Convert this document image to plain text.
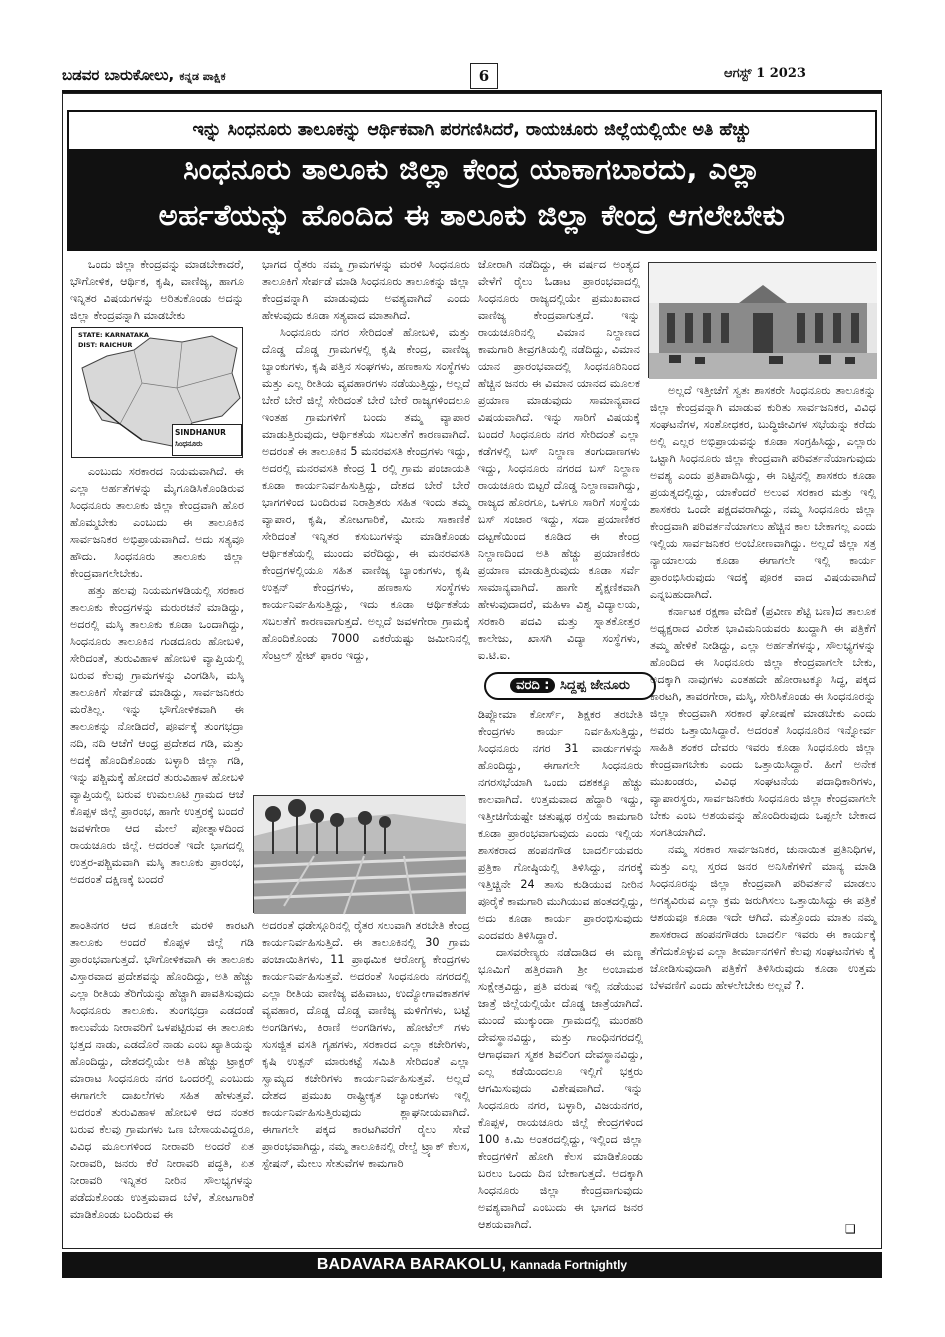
ಬಡವರ ಬಾರುಕೋಲು, ಕನ್ನಡ ಪಾಕ್ಷಿಕ	6	ಆಗಸ್ಟ್ 1 2023
ಇನ್ನು ಸಿಂಧನೂರು ತಾಲೂಕನ್ನು ಆರ್ಥಿಕವಾಗಿ ಪರಗಣಿಸಿದರೆ, ರಾಯಚೂರು ಜಿಲ್ಲೆಯಲ್ಲಿಯೇ ಅತಿ ಹೆಚ್ಚು
ಸಿಂಧನೂರು ತಾಲೂಕು ಜಿಲ್ಲಾ ಕೇಂದ್ರ ಯಾಕಾಗಬಾರದು, ಎಲ್ಲಾ
ಅರ್ಹತೆಯನ್ನು ಹೊಂದಿದ ಈ ತಾಲೂಕು ಜಿಲ್ಲಾ ಕೇಂದ್ರ ಆಗಲೇಬೇಕು

ಒಂದು ಜಿಲ್ಲಾ ಕೇಂದ್ರವನ್ನು ಮಾಡಬೇಕಾದರೆ, ಭೌಗೋಳಿಕ, ಆರ್ಥಿಕ, ಕೃಷಿ, ವಾಣಿಜ್ಯ, ಹಾಗೂ ಇನ್ನಿತರ ವಿಷಯಗಳನ್ನು ಅರಿತುಕೊಂಡು ಅದನ್ನು ಜಿಲ್ಲಾ ಕೇಂದ್ರವನ್ನಾಗಿ ಮಾಡಬೇಕು

STATE: KARNATAKA
DIST: RAICHUR
SINDHANUR
ಸಿಂಧನೂರು

ಎಂಬುದು ಸರಕಾರದ ನಿಯಮವಾಗಿದೆ. ಈ ಎಲ್ಲಾ ಅರ್ಹತೆಗಳನ್ನು ಮೈಗೂಡಿಸಿಕೊಂಡಿರುವ ಸಿಂಧನೂರು ತಾಲೂಕು ಜಿಲ್ಲಾ ಕೇಂದ್ರವಾಗಿ ಹೊರ ಹೊಮ್ಮಬೇಕು ಎಂಬುದು ಈ ತಾಲೂಕಿನ ಸಾರ್ವಜನಿಕರ ಅಭಿಪ್ರಾಯವಾಗಿದೆ. ಅದು ಸತ್ಯವೂ ಹೌದು. ಸಿಂಧನೂರು ತಾಲೂಕು ಜಿಲ್ಲಾ ಕೇಂದ್ರವಾಗಲೇಬೇಕು.

ಹತ್ತು ಹಲವು ನಿಯಮಗಳಡಿಯಲ್ಲಿ ಸರಕಾರ ತಾಲೂಕು ಕೇಂದ್ರಗಳನ್ನು ಮರುರಚನೆ ಮಾಡಿದ್ದು, ಅದರಲ್ಲಿ ಮಸ್ಕಿ ತಾಲೂಕು ಕೂಡಾ ಒಂದಾಗಿದ್ದು, ಸಿಂಧನೂರು ತಾಲೂಕಿನ ಗುಡದೂರು ಹೋಬಳಿ, ಸೇರಿದಂತೆ, ತುರುವಿಹಾಳ ಹೋಬಳಿ ವ್ಯಾಪ್ತಿಯಲ್ಲಿ ಬರುವ ಕೆಲವು ಗ್ರಾಮಗಳನ್ನು ವಿಂಗಡಿಸಿ, ಮಸ್ಕಿ ತಾಲೂಕಿಗೆ ಸೇರ್ಪಡೆ ಮಾಡಿದ್ದು, ಸಾರ್ವಜನಿಕರು ಮರೆತಿಲ್ಲ. ಇನ್ನು ಭೌಗೋಳಿಕವಾಗಿ ಈ ತಾಲೂಕನ್ನು ನೋಡಿದರೆ, ಪೂರ್ವಕ್ಕೆ ತುಂಗಭದ್ರಾ ನದಿ, ನದಿ ಆಚೆಗೆ ಆಂಧ್ರ ಪ್ರದೇಶದ ಗಡಿ, ಮತ್ತು ಅದಕ್ಕೆ ಹೊಂದಿಕೊಂಡು ಬಳ್ಳಾರಿ ಜಿಲ್ಲಾ ಗಡಿ, ಇನ್ನು ಪಶ್ಚಿಮಕ್ಕೆ ಹೋದರೆ ತುರುವಿಹಾಳ ಹೋಬಳಿ ವ್ಯಾಪ್ತಿಯಲ್ಲಿ ಬರುವ ಉಮಲೂಟಿ ಗ್ರಾಮದ ಆಚೆ ಕೊಪ್ಪಳ ಜಿಲ್ಲೆ ಪ್ರಾರಂಭ, ಹಾಗೇ ಉತ್ತರಕ್ಕೆ ಬಂದರೆ ಜವಳಗೇರಾ ಆದ ಮೇಲೆ ಪೋತ್ನಾಳದಿಂದ ರಾಯಚೂರು ಜಿಲ್ಲೆ. ಅದರಂತೆ ಇದೇ ಭಾಗದಲ್ಲಿ ಉತ್ತರ-ಪಶ್ಚಿಮವಾಗಿ ಮಸ್ಕಿ ತಾಲೂಕು ಪ್ರಾರಂಭ, ಅದರಂತೆ ದಕ್ಷಿಣಕ್ಕೆ ಬಂದರೆ

ಶಾಂತಿನಗರ ಆದ ಕೂಡಲೇ ಮರಳಿ ಕಾರಟಗಿ ತಾಲೂಕು ಅಂದರೆ ಕೊಪ್ಪಳ ಜಿಲ್ಲೆ ಗಡಿ ಪ್ರಾರಂಭವಾಗುತ್ತದೆ. ಭೌಗೋಳಿಕವಾಗಿ ಈ ತಾಲೂಕು ವಿಸ್ತಾರವಾದ ಪ್ರದೇಶವನ್ನು ಹೊಂದಿದ್ದು, ಅತಿ ಹೆಚ್ಚು ಎಲ್ಲಾ ರೀತಿಯ ತೆರಿಗೆಯನ್ನು ಹೆಚ್ಚಾಗಿ ಪಾವತಿಸುವುದು ಸಿಂಧನೂರು ತಾಲೂಕು. ತುಂಗಭದ್ರಾ ಎಡದಂಡೆ ಕಾಲುವೆಯ ನೀರಾವರಿಗೆ ಒಳಪಟ್ಟಿರುವ ಈ ತಾಲೂಕು ಭತ್ತದ ನಾಡು, ಎಡದೊರೆ ನಾಡು ಎಂಬ ಖ್ಯಾತಿಯನ್ನು ಹೊಂದಿದ್ದು, ದೇಶದಲ್ಲಿಯೇ ಅತಿ ಹೆಚ್ಚು ಟ್ರಾಕ್ಟರ್ ಮಾರಾಟ ಸಿಂಧನೂರು ನಗರ ಒಂದರಲ್ಲಿ ಎಂಬುದು ಈಗಾಗಲೇ ದಾಖಲೆಗಳು ಸಹಿತ ಹೇಳುತ್ತವೆ. ಅದರಂತೆ ತುರುವಿಹಾಳ ಹೋಬಳಿ ಆದ ನಂತರ ಬರುವ ಕೆಲವು ಗ್ರಾಮಗಳು ಒಣ ಬೇಸಾಯವಿದ್ದರೂ, ವಿವಿಧ ಮೂಲಗಳಿಂದ ನೀರಾವರಿ ಅಂದರೆ ಏತ ನೀರಾವರಿ, ಜನರು ಕೆರೆ ನೀರಾವರಿ ಪದ್ಧತಿ, ಏತ ನೀರಾವರಿ ಇನ್ನಿತರ ನೀರಿನ ಸೌಲಭ್ಯಗಳನ್ನು ಪಡೆದುಕೊಂಡು ಉತ್ತಮವಾದ ಬೆಳೆ, ತೋಟಗಾರಿಕೆ ಮಾಡಿಕೊಂಡು ಬಂದಿರುವ ಈ

ಭಾಗದ ರೈತರು ನಮ್ಮ ಗ್ರಾಮಗಳನ್ನು ಮರಳಿ ಸಿಂಧನೂರು ತಾಲೂಕಿಗೆ ಸೇರ್ಪಡೆ ಮಾಡಿ ಸಿಂಧನೂರು ತಾಲೂಕನ್ನು ಜಿಲ್ಲಾ ಕೇಂದ್ರವನ್ನಾಗಿ ಮಾಡುವುದು ಅವಶ್ಯವಾಗಿದೆ ಎಂದು ಹೇಳುವುದು ಕೂಡಾ ಸತ್ಯವಾದ ಮಾತಾಗಿದೆ.

ಸಿಂಧನೂರು ನಗರ ಸೇರಿದಂತೆ ಹೋಬಳಿ, ಮತ್ತು ದೊಡ್ಡ ದೊಡ್ಡ ಗ್ರಾಮಗಳಲ್ಲಿ ಕೃಷಿ ಕೇಂದ್ರ, ವಾಣಿಜ್ಯ ಬ್ಯಾಂಕುಗಳು, ಕೃಷಿ ಪತ್ತಿನ ಸಂಘಗಳು, ಹಣಕಾಸು ಸಂಸ್ಥೆಗಳು ಮತ್ತು ಎಲ್ಲ ರೀತಿಯ ವ್ಯವಹಾರಗಳು ನಡೆಯುತ್ತಿದ್ದು, ಅಲ್ಲದೆ ಬೇರೆ ಬೇರೆ ಜಿಲ್ಲೆ ಸೇರಿದಂತೆ ಬೇರೆ ಬೇರೆ ರಾಜ್ಯಗಳಿಂದಲೂ ಇಂತಹ ಗ್ರಾಮಗಳಿಗೆ ಬಂದು ತಮ್ಮ ವ್ಯಾಪಾರ ಮಾಡುತ್ತಿರುವುದು, ಆರ್ಥಿಕತೆಯ ಸಬಲತೆಗೆ ಕಾರಣವಾಗಿದೆ. ಅದರಂತೆ ಈ ತಾಲೂಕಿನ 5 ಮನರವಸತಿ ಕೇಂದ್ರಗಳು ಇದ್ದು, ಅದರಲ್ಲಿ ಮನರವಸತಿ ಕೇಂದ್ರ 1 ರಲ್ಲಿ ಗ್ರಾಮ ಪಂಚಾಯತಿ ಕೂಡಾ ಕಾರ್ಯನಿರ್ವಹಿಸುತ್ತಿದ್ದು, ದೇಶದ ಬೇರೆ ಬೇರೆ ಭಾಗಗಳಿಂದ ಬಂದಿರುವ ನಿರಾಶ್ರಿತರು ಸಹಿತ ಇಂದು ತಮ್ಮ ವ್ಯಾಪಾರ, ಕೃಷಿ, ತೋಟಗಾರಿಕೆ, ಮೀನು ಸಾಕಾಣಿಕೆ ಸೇರಿದಂತೆ ಇನ್ನಿತರ ಕಸುಬುಗಳನ್ನು ಮಾಡಿಕೊಂಡು ಆರ್ಥಿಕತೆಯಲ್ಲಿ ಮುಂದು ವರೆದಿದ್ದು, ಈ ಮನರವಸತಿ ಕೇಂದ್ರಗಳಲ್ಲಿಯೂ ಸಹಿತ ವಾಣಿಜ್ಯ ಬ್ಯಾಂಕುಗಳು, ಕೃಷಿ ಉತ್ಪನ್ ಕೇಂದ್ರಗಳು, ಹಣಕಾಸು ಸಂಸ್ಥೆಗಳು ಕಾರ್ಯನಿರ್ವಹಿಸುತ್ತಿದ್ದು, ಇದು ಕೂಡಾ ಆರ್ಥಿಕತೆಯ ಸಬಲತೆಗೆ ಕಾರಣವಾಗುತ್ತದೆ. ಅಲ್ಲದೆ ಜವಳಗೇರಾ ಗ್ರಾಮಕ್ಕೆ ಹೊಂದಿಕೊಂಡು 7000 ಎಕರೆಯಷ್ಟು ಜಮೀನಿನಲ್ಲಿ ಸೆಂಟ್ರಲ್ ಸ್ಟೇಟ್ ಫಾರಂ ಇದ್ದು,

ಅದರಂತೆ ಧಡೇಸ್ಗೂರಿನಲ್ಲಿ ರೈತರ ಸಲುವಾಗಿ ತರಬೇತಿ ಕೇಂದ್ರ ಕಾರ್ಯನಿರ್ವಹಿಸುತ್ತಿದೆ. ಈ ತಾಲೂಕಿನಲ್ಲಿ 30 ಗ್ರಾಮ ಪಂಚಾಯಿತಿಗಳು, 11 ಪ್ರಾಥಮಿಕ ಆರೋಗ್ಯ ಕೇಂದ್ರಗಳು ಕಾರ್ಯನಿರ್ವಹಿಸುತ್ತವೆ. ಅದರಂತೆ ಸಿಂಧನೂರು ನಗರದಲ್ಲಿ ಎಲ್ಲಾ ರೀತಿಯ ವಾಣಿಜ್ಯ ವಹಿವಾಟು, ಉದ್ಯೋಗಾವಕಾಶಗಳ ವ್ಯವಹಾರ, ದೊಡ್ಡ ದೊಡ್ಡ ವಾಣಿಜ್ಯ ಮಳಿಗೆಗಳು, ಬಟ್ಟೆ ಅಂಗಡಿಗಳು, ಕಿರಾಣಿ ಅಂಗಡಿಗಳು, ಹೋಟೆಲ್ ಗಳು ಸುಸಜ್ಜಿತ ವಸತಿ ಗೃಹಗಳು, ಸರಕಾರದ ಎಲ್ಲಾ ಕಚೇರಿಗಳು, ಕೃಷಿ ಉತ್ಪನ್ ಮಾರುಕಟ್ಟೆ ಸಮಿತಿ ಸೇರಿದಂತೆ ಎಲ್ಲಾ ಸ್ವಾಮ್ಯದ ಕಚೇರಿಗಳು ಕಾರ್ಯನಿರ್ವಹಿಸುತ್ತವೆ. ಅಲ್ಲದೆ ದೇಶದ ಪ್ರಮುಖ ರಾಷ್ಟ್ರೀಕೃತ ಬ್ಯಾಂಕುಗಳು ಇಲ್ಲಿ ಕಾರ್ಯನಿರ್ವಹಿಸುತ್ತಿರುವುದು ಶ್ಲಾಘನೀಯವಾಗಿದೆ. ಈಗಾಗಲೇ ಪಕ್ಕದ ಕಾರಟಗಿವರೆಗೆ ರೈಲು ಸೇವೆ ಪ್ರಾರಂಭವಾಗಿದ್ದು, ನಮ್ಮ ತಾಲೂಕಿನಲ್ಲಿ ರೇಲ್ವೆ ಟ್ರ್ಯಾಕ್ ಕೆಲಸ, ಸ್ಟೇಷನ್, ಮೇಲು ಸೇತುವೆಗಳ ಕಾಮಗಾರಿ

ಜೋರಾಗಿ ನಡೆದಿದ್ದು, ಈ ವರ್ಷದ ಅಂತ್ಯದ ವೇಳೆಗೆ ರೈಲು ಓಡಾಟ ಪ್ರಾರಂಭವಾದಲ್ಲಿ ಸಿಂಧನೂರು ರಾಜ್ಯದಲ್ಲಿಯೇ ಪ್ರಮುಖವಾದ ವಾಣಿಜ್ಯ ಕೇಂದ್ರವಾಗುತ್ತದೆ. ಇನ್ನು ರಾಯಚೂರಿನಲ್ಲಿ ವಿಮಾನ ನಿಲ್ದಾಣದ ಕಾಮಗಾರಿ ತೀವ್ರಗತಿಯಲ್ಲಿ ನಡೆದಿದ್ದು, ವಿಮಾನ ಯಾನ ಪ್ರಾರಂಭವಾದಲ್ಲಿ ಸಿಂಧನೂರಿನಿಂದ ಹೆಚ್ಚಿನ ಜನರು ಈ ವಿಮಾನ ಯಾನದ ಮೂಲಕ ಪ್ರಯಾಣ ಮಾಡುವುದು ಸಾಮಾನ್ಯವಾದ ವಿಷಯವಾಗಿದೆ. ಇನ್ನು ಸಾರಿಗೆ ವಿಷಯಕ್ಕೆ ಬಂದರೆ ಸಿಂಧನೂರು ನಗರ ಸೇರಿದಂತೆ ಎಲ್ಲಾ ಕಡೆಗಳಲ್ಲಿ ಬಸ್ ನಿಲ್ದಾಣ ತಂಗುದಾಣಗಳು ಇದ್ದು, ಸಿಂಧನೂರು ನಗರದ ಬಸ್ ನಿಲ್ದಾಣ ರಾಯಚೂರು ಬಿಟ್ಟರೆ ದೊಡ್ಡ ನಿಲ್ದಾಣವಾಗಿದ್ದು, ರಾಜ್ಯದ ಹೊರಗೂ, ಒಳಗೂ ಸಾರಿಗೆ ಸಂಸ್ಥೆಯ ಬಸ್ ಸಂಚಾರ ಇದ್ದು, ಸದಾ ಪ್ರಯಾಣಿಕರ ದಟ್ಟಣೆಯಿಂದ ಕೂಡಿದ ಈ ಕೇಂದ್ರ ನಿಲ್ದಾಣದಿಂದ ಅತಿ ಹೆಚ್ಚು ಪ್ರಯಾಣಿಕರು ಪ್ರಯಾಣ ಮಾಡುತ್ತಿರುವುದು ಕೂಡಾ ಸರ್ವೆ ಸಾಮಾನ್ಯವಾಗಿದೆ. ಹಾಗೇ ಶೈಕ್ಷಣಿಕವಾಗಿ ಹೇಳುವುದಾದರೆ, ಮಹಿಳಾ ವಿಶ್ವ ವಿದ್ಯಾಲಯ, ಸರಕಾರಿ ಪದವಿ ಮತ್ತು ಸ್ನಾತಕೋತ್ತರ ಕಾಲೇಜು, ಖಾಸಗಿ ವಿದ್ಯಾ ಸಂಸ್ಥೆಗಳು, ಐ.ಟಿ.ಐ.

ವರದಿ : ಸಿದ್ದಪ್ಪ ಜೇನೂರು

ಡಿಪ್ಲೋಮಾ ಕೋರ್ಸ್, ಶಿಕ್ಷಕರ ತರಬೇತಿ ಕೇಂದ್ರಗಳು ಕಾರ್ಯ ನಿರ್ವಹಿಸುತ್ತಿದ್ದು, ಸಿಂಧನೂರು ನಗರ 31 ವಾರ್ಡುಗಳನ್ನು ಹೊಂದಿದ್ದು, ಈಗಾಗಲೇ ಸಿಂಧನೂರು ನಗರಸಭೆಯಾಗಿ ಒಂದು ದಶಕಕ್ಕೂ ಹೆಚ್ಚು ಕಾಲವಾಗಿದೆ. ಉತ್ತಮವಾದ ಹೆದ್ದಾರಿ ಇದ್ದು, ಇತ್ತೀಚಿಗೆಯಷ್ಟೇ ಚತುಷ್ಪಥ ರಸ್ತೆಯ ಕಾಮಗಾರಿ ಕೂಡಾ ಪ್ರಾರಂಭವಾಗುವುದು ಎಂದು ಇಲ್ಲಿಯ ಶಾಸಕರಾದ ಹಂಪನಗೌಡ ಬಾದರ್ಲಿಯವರು ಪ್ರತ್ರಿಕಾ ಗೋಷ್ಠಿಯಲ್ಲಿ ತಿಳಿಸಿದ್ದು, ನಗರಕ್ಕೆ ಇತ್ತಿಚ್ಚಿನೇ 24 ತಾಸು ಕುಡಿಯುವ ನೀರಿನ ಪೂರೈಕೆ ಕಾಮಗಾರಿ ಮುಗಿಯುವ ಹಂತದಲ್ಲಿದ್ದು, ಅದು ಕೂಡಾ ಕಾರ್ಯ ಪ್ರಾರಂಭಿಸುವುದು ಎಂದವರು ತಿಳಿಸಿದ್ದಾರೆ.

ದಾಸವರೇಣ್ಯರು ನಡೆದಾಡಿದ ಈ ಮಣ್ಣ ಭೂಮಿಗೆ ಹತ್ತಿರವಾಗಿ ಶ್ರೀ ಅಂಬಾಮಠ ಸುಕ್ಷೇತ್ರವಿದ್ದು, ಪ್ರತಿ ವರುಷ ಇಲ್ಲಿ ನಡೆಯುವ ಜಾತ್ರೆ ಜಿಲ್ಲೆಯಲ್ಲಿಯೇ ದೊಡ್ಡ ಜಾತ್ರೆಯಾಗಿದೆ. ಮುಂದೆ ಮುಕ್ಕುಂದಾ ಗ್ರಾಮದಲ್ಲಿ ಮುರಹರಿ ದೇವಸ್ಥಾನವಿದ್ದು, ಮತ್ತು ಗಾಂಧಿನಗರದಲ್ಲಿ ಆಗಾಧವಾಗ ಸ್ಮಶಕ ಶಿವಲಿಂಗ ದೇವಸ್ಥಾನವಿದ್ದು, ಎಲ್ಲ ಕಡೆಯಿಂದಲೂ ಇಲ್ಲಿಗೆ ಭಕ್ತರು ಆಗಮಿಸುವುದು ವಿಶೇಷವಾಗಿದೆ. ಇನ್ನು ಸಿಂಧನೂರು ನಗರ, ಬಳ್ಳಾರಿ, ವಿಜಯನಗರ, ಕೊಪ್ಪಳ, ರಾಯಚೂರು ಜಿಲ್ಲೆ ಕೇಂದ್ರಗಳಿಂದ 100 ಕಿ.ಮಿ ಅಂತರದಲ್ಲಿದ್ದು, ಇಲ್ಲಿಂದ ಜಿಲ್ಲಾ ಕೇಂದ್ರಗಳಿಗೆ ಹೋಗಿ ಕೆಲಸ ಮಾಡಿಕೊಂಡು ಬರಲು ಒಂದು ದಿನ ಬೇಕಾಗುತ್ತದೆ. ಅದಕ್ಕಾಗಿ ಸಿಂಧನೂರು ಜಿಲ್ಲಾ ಕೇಂದ್ರವಾಗುವುದು ಅವಶ್ಯವಾಗಿದೆ ಎಂಬುದು ಈ ಭಾಗದ ಜನರ ಆಶಯವಾಗಿದೆ.

ಅಲ್ಲದೆ ಇತ್ತೀಚೆಗೆ ಸ್ವತಃ ಶಾಸಕರೇ ಸಿಂಧನೂರು ತಾಲೂಕನ್ನು ಜಿಲ್ಲಾ ಕೇಂದ್ರವನ್ನಾಗಿ ಮಾಡುವ ಕುರಿತು ಸಾರ್ವಜನಿಕರ, ವಿವಿಧ ಸಂಘಟನೆಗಳ, ಸಂಶೋಧಕರ, ಬುದ್ಧಿಜೀವಿಗಳ ಸಭೆಯನ್ನು ಕರೆದು ಅಲ್ಲಿ ಎಲ್ಲರ ಅಭಿಪ್ರಾಯವನ್ನು ಕೂಡಾ ಸಂಗ್ರಹಿಸಿದ್ದು, ಎಲ್ಲಾರು ಒಟ್ಟಾಗಿ ಸಿಂಧನೂರು ಜಿಲ್ಲಾ ಕೇಂದ್ರವಾಗಿ ಪರಿವರ್ತನೆಯಾಗುವುದು ಅವಶ್ಯ ಎಂದು ಪ್ರತಿಪಾದಿಸಿದ್ದು, ಈ ನಿಟ್ಟಿನಲ್ಲಿ ಶಾಸಕರು ಕೂಡಾ ಪ್ರಯತ್ನದಲ್ಲಿದ್ದು, ಯಾಕೆಂದರೆ ಅಲುವ ಸರಕಾರ ಮತ್ತು ಇಲ್ಲಿ ಶಾಸಕರು ಒಂದೇ ಪಕ್ಷದವರಾಗಿದ್ದು, ನಮ್ಮ ಸಿಂಧನೂರು ಜಿಲ್ಲಾ ಕೇಂದ್ರವಾಗಿ ಪರಿವರ್ತನೆಯಾಗಲು ಹೆಚ್ಚಿನ ಕಾಲ ಬೇಕಾಗಲ್ಲ ಎಂದು ಇಲ್ಲಿಯ ಸಾರ್ವಜನಿಕರ ಅಂಬೋಣವಾಗಿದ್ದು. ಅಲ್ಲದೆ ಜಿಲ್ಲಾ ಸತ್ರ ನ್ಯಾಯಾಲಯ ಕೂಡಾ ಈಗಾಗಲೇ ಇಲ್ಲಿ ಕಾರ್ಯ ಪ್ರಾರಂಭಿಸಿರುವುದು ಇದಕ್ಕೆ ಪೂರಕ ವಾದ ವಿಷಯವಾಗಿದೆ ಎನ್ನಬಹುದಾಗಿದೆ.

ಕರ್ನಾಟಕ ರಕ್ಷಣಾ ವೇದಿಕೆ (ಪ್ರವೀಣ ಶೆಟ್ಟಿ ಬಣ)ದ ತಾಲೂಕ ಅಧ್ಯಕ್ಷರಾದ ವಿರೇಶ ಭಾವಿಮನಿಯವರು ಖುದ್ದಾಗಿ ಈ ಪತ್ರಿಕೆಗೆ ತಮ್ಮ ಹೇಳಿಕೆ ನೀಡಿದ್ದು, ಎಲ್ಲಾ ಅರ್ಹತೆಗಳನ್ನು, ಸೌಲಭ್ಯಗಳನ್ನು ಹೊಂದಿದ ಈ ಸಿಂಧನೂರು ಜಿಲ್ಲಾ ಕೇಂದ್ರವಾಗಲೇ ಬೇಕು, ಅದಕ್ಕಾಗಿ ನಾವುಗಳು ಎಂತಹದೇ ಹೋರಾಟಕ್ಕೂ ಸಿದ್ಧ, ಪಕ್ಕದ ಕಾರಟಗಿ, ತಾವರಗೇರಾ, ಮಸ್ಕಿ, ಸೇರಿಸಿಕೊಂಡು ಈ ಸಿಂಧನೂರನ್ನು ಜಿಲ್ಲಾ ಕೇಂದ್ರವಾಗಿ ಸರಕಾರ ಘೋಷಣೆ ಮಾಡಬೇಕು ಎಂದು ಅವರು ಒತ್ತಾಯಿಸಿದ್ದಾರೆ. ಅದರಂತೆ ಸಿಂಧನೂರಿನ ಇನ್ನೋರ್ವ ಸಾಹಿತಿ ಶಂಕರ ದೇವರು ಇವರು ಕೂಡಾ ಸಿಂಧನೂರು ಜಿಲ್ಲಾ ಕೇಂದ್ರವಾಗಬೇಕು ಎಂದು ಒತ್ತಾಯಿಸಿದ್ದಾರೆ. ಹೀಗೆ ಅನೇಕ ಮುಖಂಡರು, ವಿವಿಧ ಸಂಘಟನೆಯ ಪದಾಧಿಕಾರಿಗಳು, ವ್ಯಾಪಾರಸ್ಥರು, ಸಾರ್ವಜನಿಕರು ಸಿಂಧನೂರು ಜಿಲ್ಲಾ ಕೇಂದ್ರವಾಗಲೇ ಬೇಕು ಎಂಬ ಅಶಯವನ್ನು ಹೊಂದಿರುವುದು ಒಪ್ಪಲೇ ಬೇಕಾದ ಸಂಗತಿಯಾಗಿದೆ.

ನಮ್ಮ ಸರಕಾರ ಸಾರ್ವಜನಿಕರ, ಚುನಾಯಿತ ಪ್ರತಿನಿಧಿಗಳ, ಮತ್ತು ಎಲ್ಲ ಸ್ತರದ ಜನರ ಅನಿಸಿಕೆಗಳಿಗೆ ಮಾನ್ಯ ಮಾಡಿ ಸಿಂಧನೂರನ್ನು ಜಿಲ್ಲಾ ಕೇಂದ್ರವಾಗಿ ಪರಿವರ್ತನೆ ಮಾಡಲು ಅಗತ್ಯವಿರುವ ಎಲ್ಲಾ ಕ್ರಮ ಜರುಗಿಸಲು ಒತ್ತಾಯಿಸಿದ್ದು ಈ ಪತ್ರಿಕೆ ಆಶಯವೂ ಕೂಡಾ ಇದೇ ಆಗಿದೆ. ಮತ್ತೊಂದು ಮಾತು ನಮ್ಮ ಶಾಸಕರಾದ ಹಂಪನಗೌಡರು ಬಾದರ್ಲಿ ಇವರು ಈ ಕಾರ್ಯಕ್ಕೆ ತೆಗೆದುಕೊಳ್ಳುವ ಎಲ್ಲಾ ತೀರ್ಮಾನಗಳಿಗೆ ಕೆಲವು ಸಂಘಟನೆಗಳು ಕೈ ಜೋಡಿಸುವುದಾಗಿ ಪತ್ರಿಕೆಗೆ ತಿಳಿಸಿರುವುದು ಕೂಡಾ ಉತ್ತಮ ಬೆಳವಣಿಗೆ ಎಂದು ಹೇಳಲೇಬೇಕು ಅಲ್ಲವೆ ?.

❑
BADAVARA BARAKOLU, Kannada Fortnightly
